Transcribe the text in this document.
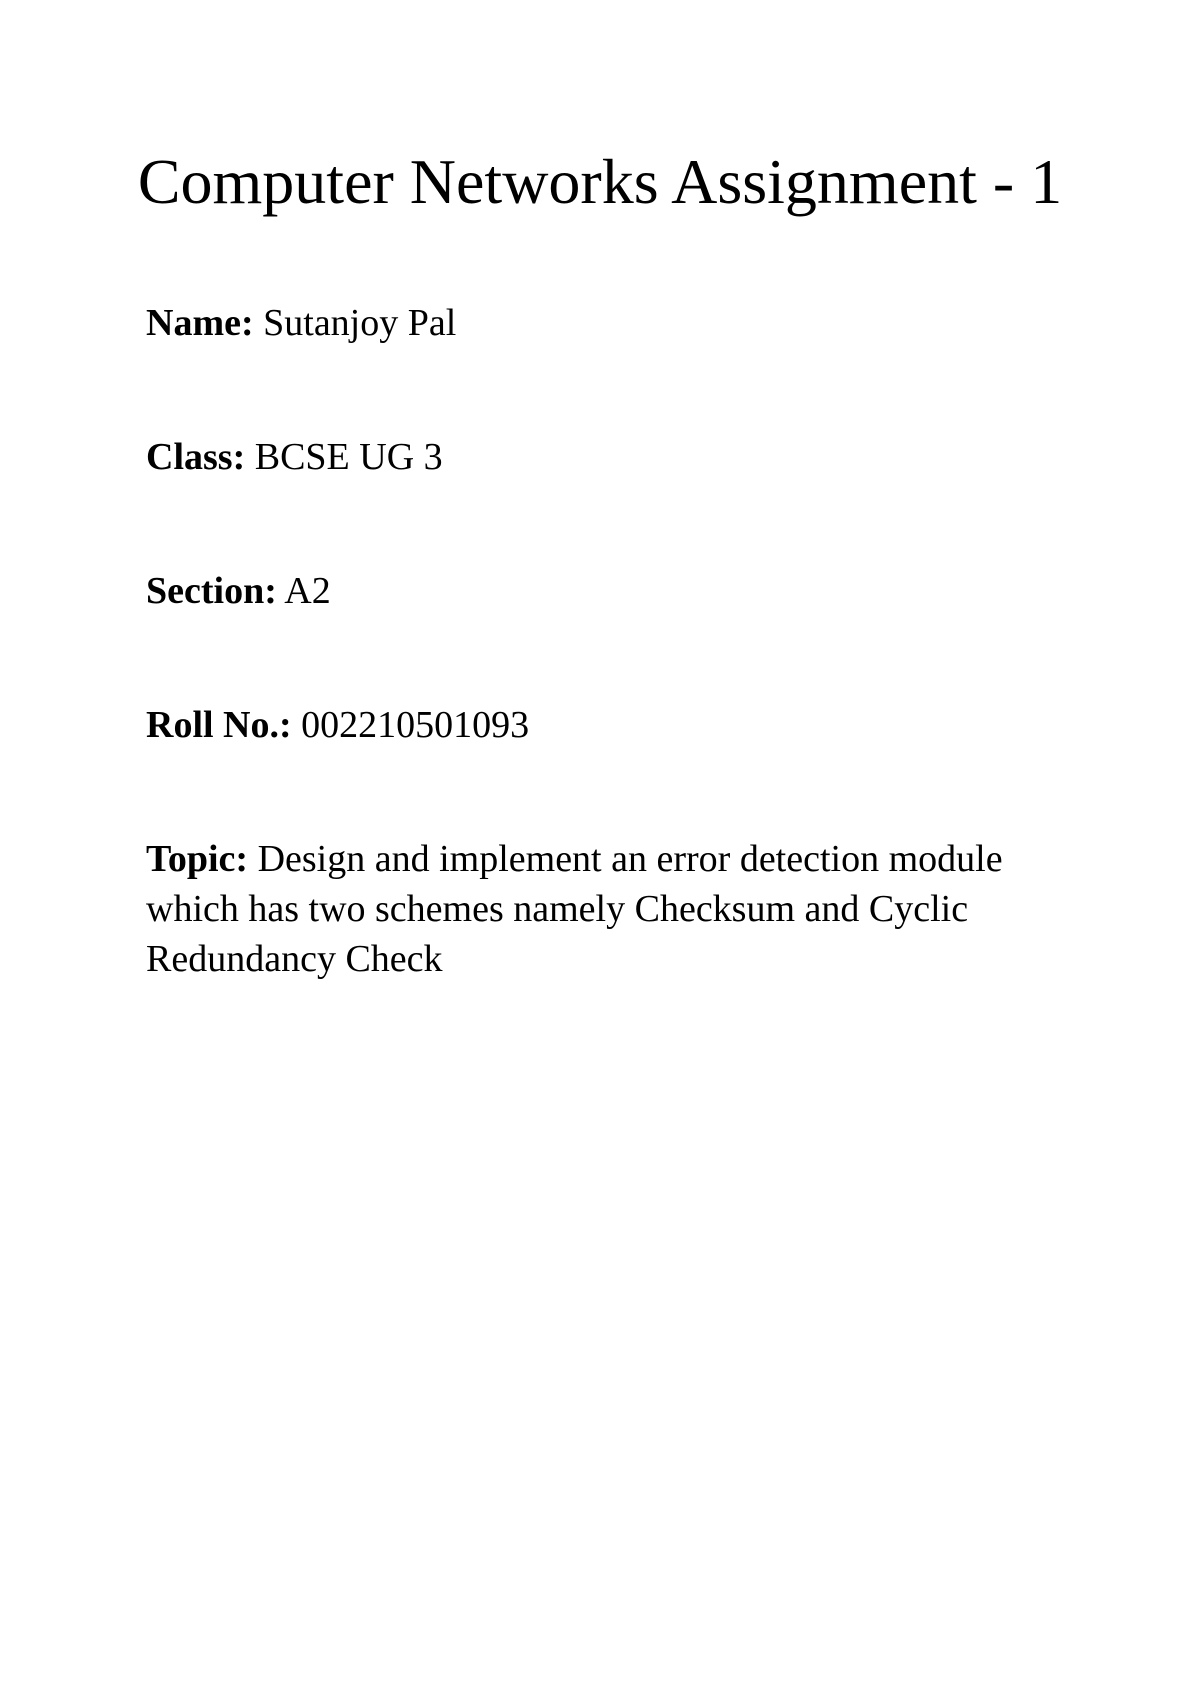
Computer Networks Assignment - 1

Name: Sutanjoy Pal

Class: BCSE UG 3

Section: A2

Roll No.: 002210501093

Topic: Design and implement an error detection module which has two schemes namely Checksum and Cyclic Redundancy Check
